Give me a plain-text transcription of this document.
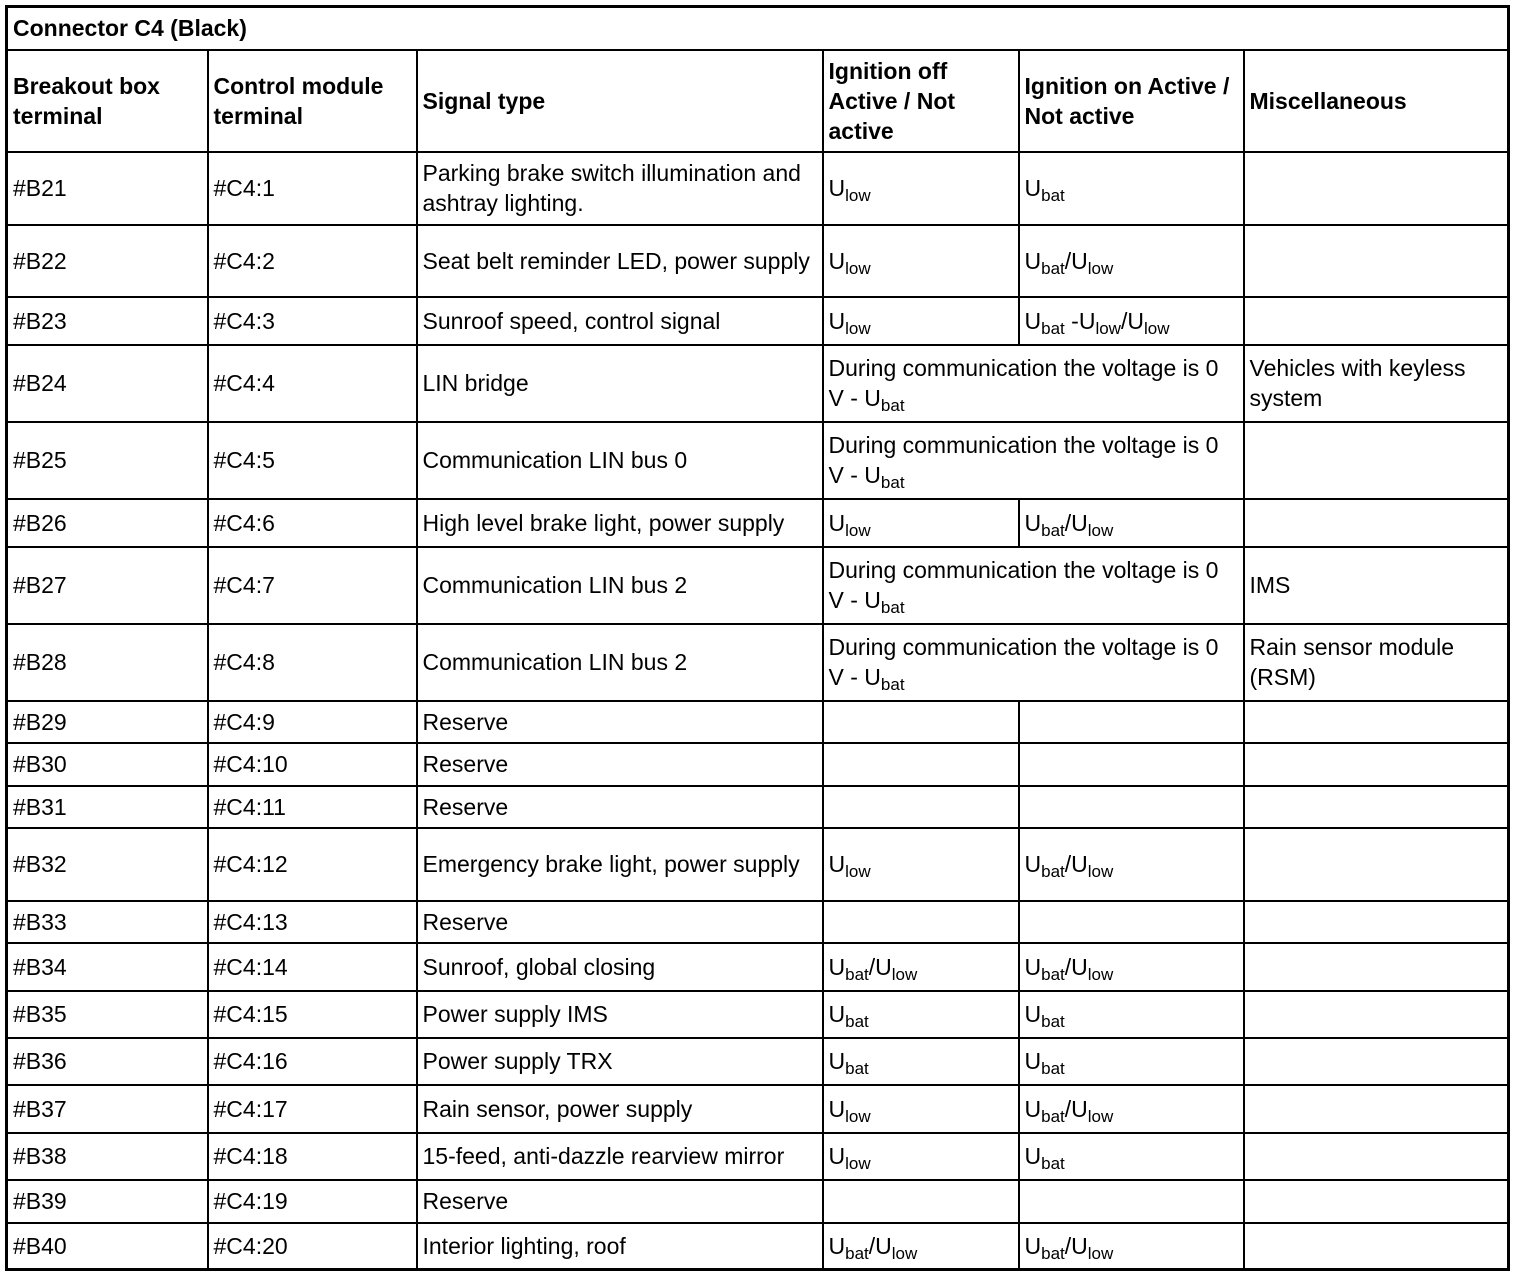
Connector C4 (Black)					
Breakout box terminal	Control module terminal	Signal type	Ignition off Active / Not active	Ignition on Active / Not active	Miscellaneous
#B21	#C4:1	Parking brake switch illumination and ashtray lighting.	$U_{low}$	$U_{bat}$	
#B22	#C4:2	Seat belt reminder LED, power supply	$U_{low}$	$U_{bat}/U_{low}$	
#B23	#C4:3	Sunroof speed, control signal	$U_{low}$	$U_{bat}$ $-U_{low}/U_{low}$	
#B24	#C4:4	LIN bridge	During communication the voltage is 0 V - $U_{bat}$		Vehicles with keyless system
#B25	#C4:5	Communication LIN bus 0	During communication the voltage is 0 V - $U_{bat}$	
#B26	#C4:6	High level brake light, power supply	$U_{low}$	$U_{bat}/U_{low}$	
#B27	#C4:7	Communication LIN bus 2	During communication the voltage is 0 V - $U_{bat}$		IMS
#B28	#C4:8	Communication LIN bus 2	During communication the voltage is 0 V - $U_{bat}$		Rain sensor module (RSM)
#B29	#C4:9	Reserve			
#B30	#C4:10	Reserve			
#B31	#C4:11	Reserve			
#B32	#C4:12	Emergency brake light, power supply	$U_{low}$	$U_{bat}/U_{low}$	
#B33	#C4:13	Reserve			
#B34	#C4:14	Sunroof, global closing	$U_{bat}/U_{low}$	$U_{bat}/U_{low}$	
#B35	#C4:15	Power supply IMS	$U_{bat}$	$U_{bat}$	
#B36	#C4:16	Power supply TRX	$U_{bat}$	$U_{bat}$	
#B37	#C4:17	Rain sensor, power supply	$U_{low}$	$U_{bat}/U_{low}$	
#B38	#C4:18	15-feed, anti-dazzle rearview mirror	$U_{low}$	$U_{bat}$	
#B39	#C4:19	Reserve			
#B40	#C4:20	Interior lighting, roof	$U_{bat}/U_{low}$	$U_{bat}/U_{low}$	
